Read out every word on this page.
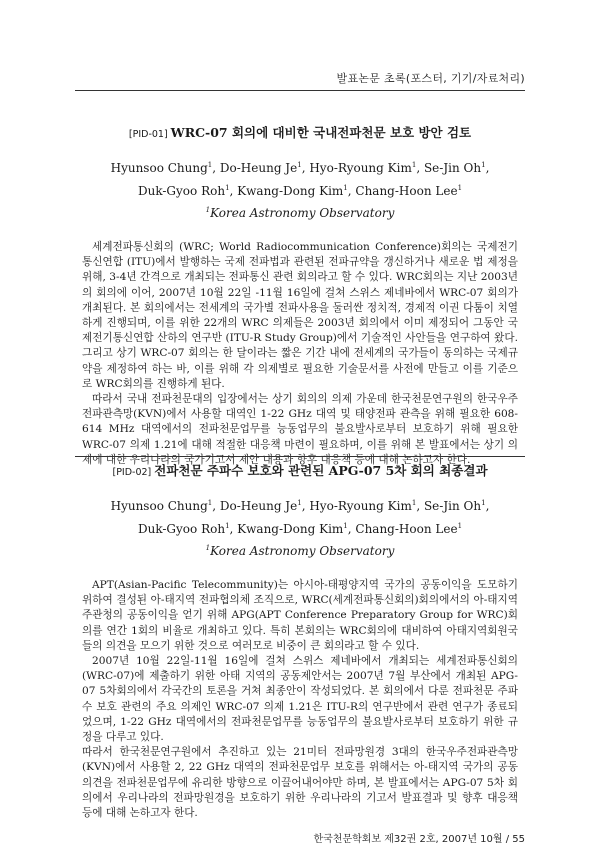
발표논문 초록(포스터, 기기/자료처리)
[PID-01] WRC-07 회의에 대비한 국내전파천문 보호 방안 검토
Hyunsoo Chung$^1$, Do-Heung Je$^1$, Hyo-Ryoung Kim$^1$, Se-Jin Oh$^1$,
Duk-Gyoo Roh$^1$, Kwang-Dong Kim$^1$, Chang-Hoon Lee$^1$
$^1$Korea Astronomy Observatory

세계전파통신회의 (WRC; World Radiocommunication Conference)회의는 국제전기통신연합 (ITU)에서 발행하는 국제 전파법과 관련된 전파규약을 갱신하거나 새로운 법 제정을 위해, 3-4년 간격으로 개최되는 전파통신 관련 회의라고 할 수 있다. WRC회의는 지난 2003년의 회의에 이어, 2007년 10월 22일 -11월 16일에 걸쳐 스위스 제네바에서 WRC-07 회의가 개최된다. 본 회의에서는 전세계의 국가별 전파사용을 둘러싼 정치적, 경제적 이권 다툼이 치열하게 진행되며, 이를 위한 22개의 WRC 의제들은 2003년 회의에서 이미 제정되어 그동안 국제전기통신연합 산하의 연구반 (ITU-R Study Group)에서 기술적인 사안들을 연구하여 왔다. 그리고 상기 WRC-07 회의는 한 달이라는 짧은 기간 내에 전세계의 국가들이 동의하는 국제규약을 제정하여 하는 바, 이를 위해 각 의제별로 필요한 기술문서를 사전에 만들고 이를 기준으로 WRC회의를 진행하게 된다.

따라서 국내 전파천문대의 입장에서는 상기 회의의 의제 가운데 한국천문연구원의 한국우주전파관측망(KVN)에서 사용할 대역인 1-22 GHz 대역 및 태양전파 관측을 위해 필요한 608-614 MHz 대역에서의 전파천문업무를 능동업무의 불요발사로부터 보호하기 위해 필요한 WRC-07 의제 1.21에 대해 적절한 대응책 마련이 필요하며, 이를 위해 본 발표에서는 상기 의제에 대한 우리나라의 국가기고서 제안 내용과 향후 대응책 등에 대해 논하고자 한다.

[PID-02] 전파천문 주파수 보호와 관련된 APG-07 5차 회의 최종결과
Hyunsoo Chung$^1$, Do-Heung Je$^1$, Hyo-Ryoung Kim$^1$, Se-Jin Oh$^1$,
Duk-Gyoo Roh$^1$, Kwang-Dong Kim$^1$, Chang-Hoon Lee$^1$
$^1$Korea Astronomy Observatory

APT(Asian-Pacific Telecommunity)는 아시아-태평양지역 국가의 공동이익을 도모하기 위하여 결성된 아-태지역 전파협의체 조직으로, WRC(세계전파통신회의)회의에서의 아-태지역 주관청의 공동이익을 얻기 위해 APG(APT Conference Preparatory Group for WRC)회의를 연간 1회의 비율로 개최하고 있다. 특히 본회의는 WRC회의에 대비하여 아태지역회원국들의 의견을 모으기 위한 것으로 여러모로 비중이 큰 회의라고 할 수 있다.

2007년 10월 22일-11월 16일에 걸쳐 스위스 제네바에서 개최되는 세계전파통신회의(WRC-07)에 제출하기 위한 아태 지역의 공동제안서는 2007년 7월 부산에서 개최된 APG-07 5차회의에서 각국간의 토론을 거쳐 최종안이 작성되었다. 본 회의에서 다룬 전파천문 주파수 보호 관련의 주요 의제인 WRC-07 의제 1.21은 ITU-R의 연구반에서 관련 연구가 종료되었으며, 1-22 GHz 대역에서의 전파천문업무를 능동업무의 불요발사로부터 보호하기 위한 규정을 다루고 있다.

따라서 한국천문연구원에서 추진하고 있는 21미터 전파망원경 3대의 한국우주전파관측망(KVN)에서 사용할 2, 22 GHz 대역의 전파천문업무 보호를 위해서는 아-태지역 국가의 공동의견을 전파천문업무에 유리한 방향으로 이끌어내어야만 하며, 본 발표에서는 APG-07 5차 회의에서 우리나라의 전파망원경을 보호하기 위한 우리나라의 기고서 발표결과 및 향후 대응책 등에 대해 논하고자 한다.

한국천문학회보 제32권 2호, 2007년 10월 / 55
